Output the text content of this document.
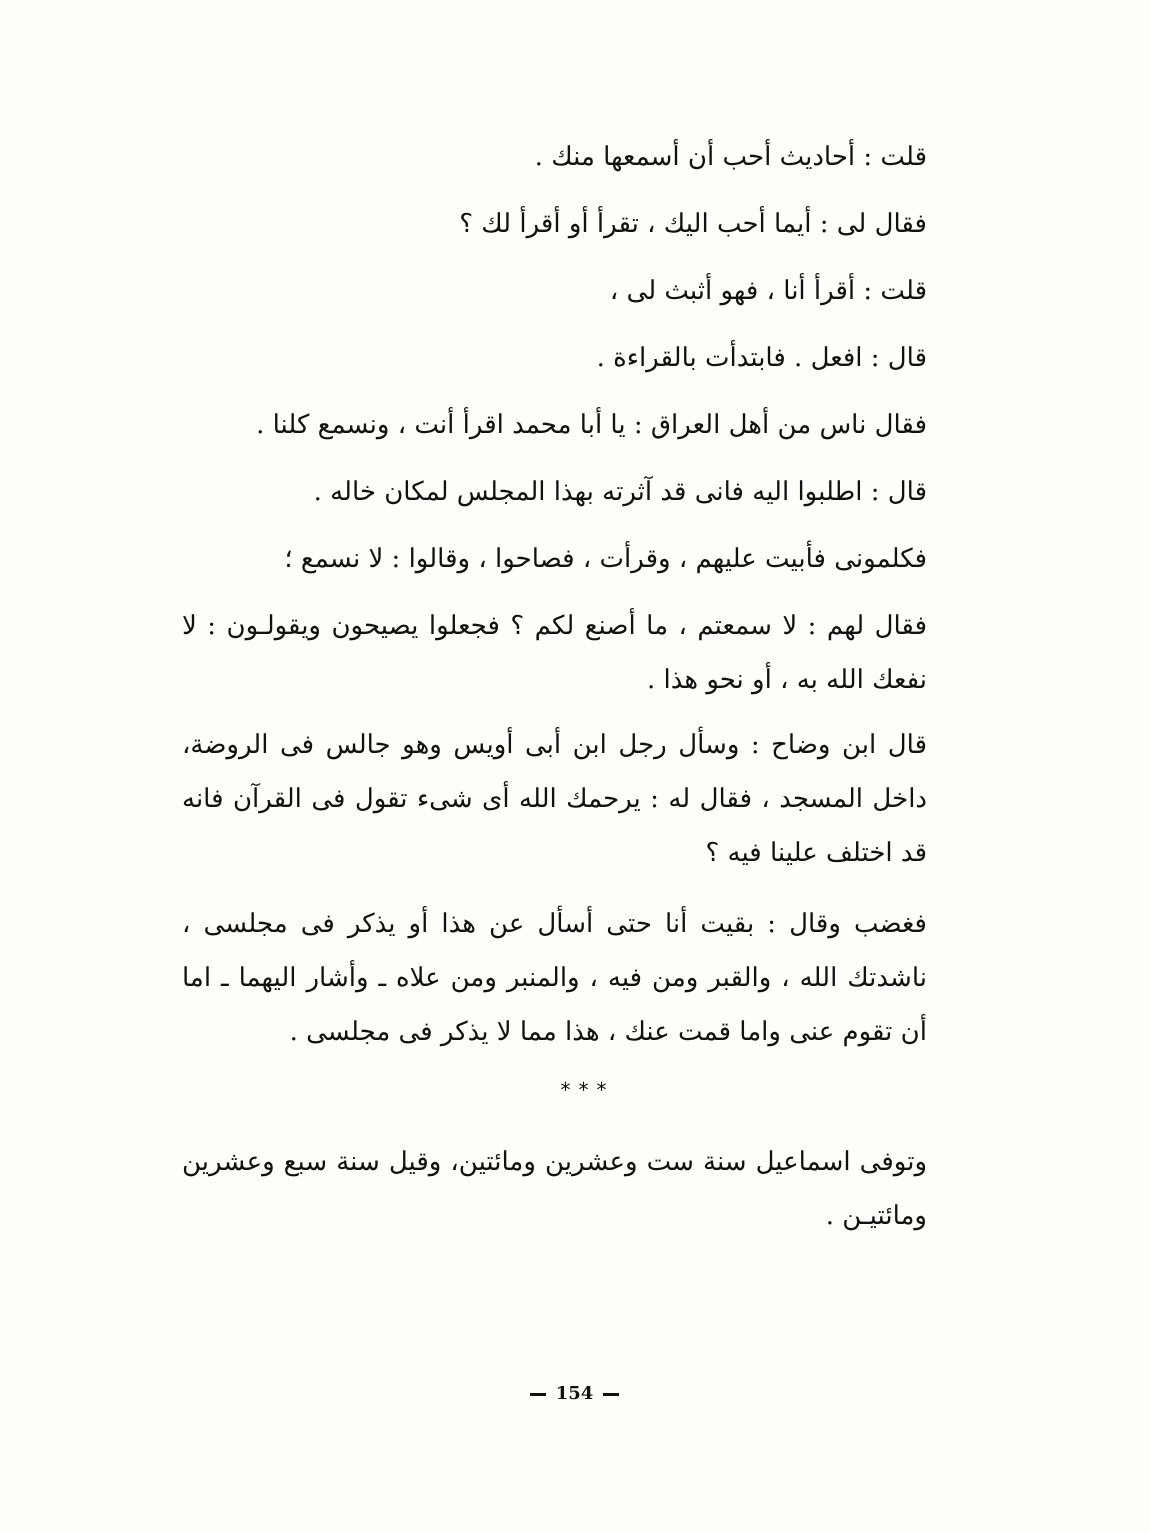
قلت : أحاديث أحب أن أسمعها منك .

فقال لى : أيما أحب اليك ، تقرأ أو أقرأ لك ؟

قلت : أقرأ أنا ، فهو أثبث لى ،

قال : افعل . فابتدأت بالقراءة .

فقال ناس من أهل العراق : يا أبا محمد اقرأ أنت ، ونسمع كلنا .

قال : اطلبوا اليه فانى قد آثرته بهذا المجلس لمكان خاله .

فكلمونى فأبيت عليهم ، وقرأت ، فصاحوا ، وقالوا : لا نسمع ؛

فقال لهم : لا سمعتم ، ما أصنع لكم ؟ فجعلوا يصيحون ويقولـون : لا نفعك الله به ، أو نحو هذا .

قال ابن وضاح : وسأل رجل ابن أبى أويس وهو جالس فى الروضة، داخل المسجد ، فقال له : يرحمك الله أى شىء تقول فى القرآن فانه قد اختلف علينا فيه ؟

فغضب وقال : بقيت أنا حتى أسأل عن هذا أو يذكر فى مجلسى ، ناشدتك الله ، والقبر ومن فيه ، والمنبر ومن علاه ـ وأشار اليهما ـ اما أن تقوم عنى واما قمت عنك ، هذا مما لا يذكر فى مجلسى .

وتوفى اسماعيل سنة ست وعشرين ومائتين، وقيل سنة سبع وعشرين ومائتيـن .

* * *
154
